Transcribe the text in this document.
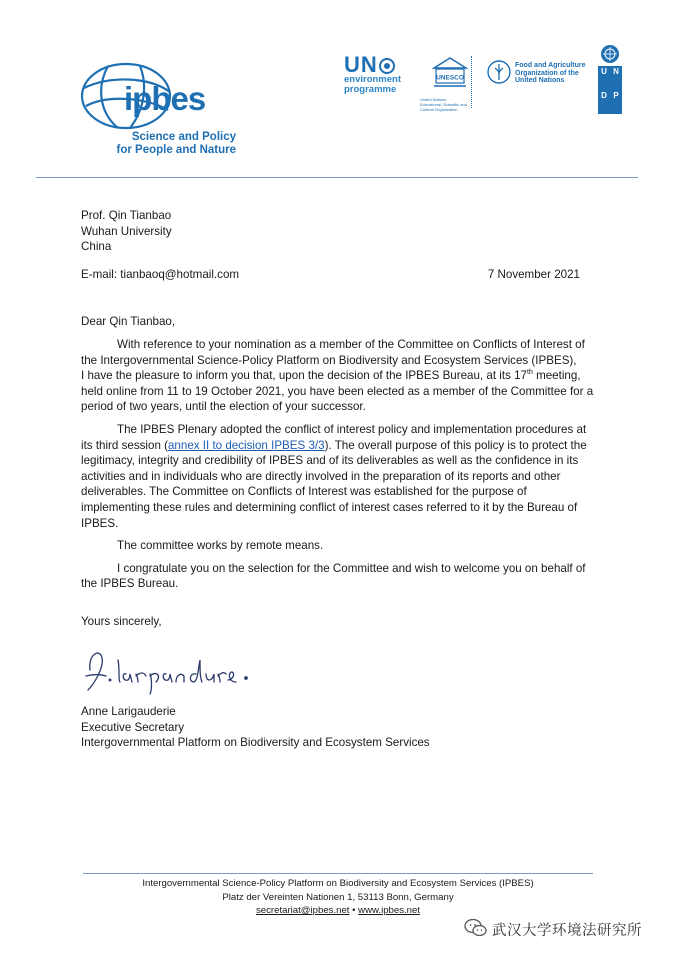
ipbes
Science and Policy
for People and Nature
UN
environment
programme
UNESCO
United Nations
Educational, Scientific and
Cultural Organization
Food and Agriculture
Organization of the
United Nations
U N
D P
Prof. Qin Tianbao
Wuhan University
China
E-mail: tianbaoq@hotmail.com	7 November 2021
Dear Qin Tianbao,

With reference to your nomination as a member of the Committee on Conflicts of Interest of the Intergovernmental Science-Policy Platform on Biodiversity and Ecosystem Services (IPBES),

I have the pleasure to inform you that, upon the decision of the IPBES Bureau, at its 17th meeting, held online from 11 to 19 October 2021, you have been elected as a member of the Committee for a period of two years, until the election of your successor.

The IPBES Plenary adopted the conflict of interest policy and implementation procedures at its third session (annex II to decision IPBES 3/3). The overall purpose of this policy is to protect the legitimacy, integrity and credibility of IPBES and of its deliverables as well as the confidence in its activities and in individuals who are directly involved in the preparation of its reports and other deliverables. The Committee on Conflicts of Interest was established for the purpose of implementing these rules and determining conflict of interest cases referred to it by the Bureau of IPBES.

The committee works by remote means.

I congratulate you on the selection for the Committee and wish to welcome you on behalf of the IPBES Bureau.

Yours sincerely,
Anne Larigauderie
Executive Secretary
Intergovernmental Platform on Biodiversity and Ecosystem Services
Intergovernmental Science-Policy Platform on Biodiversity and Ecosystem Services (IPBES)
Platz der Vereinten Nationen 1, 53113 Bonn, Germany
secretariat@ipbes.net • www.ipbes.net
武汉大学环境法研究所
